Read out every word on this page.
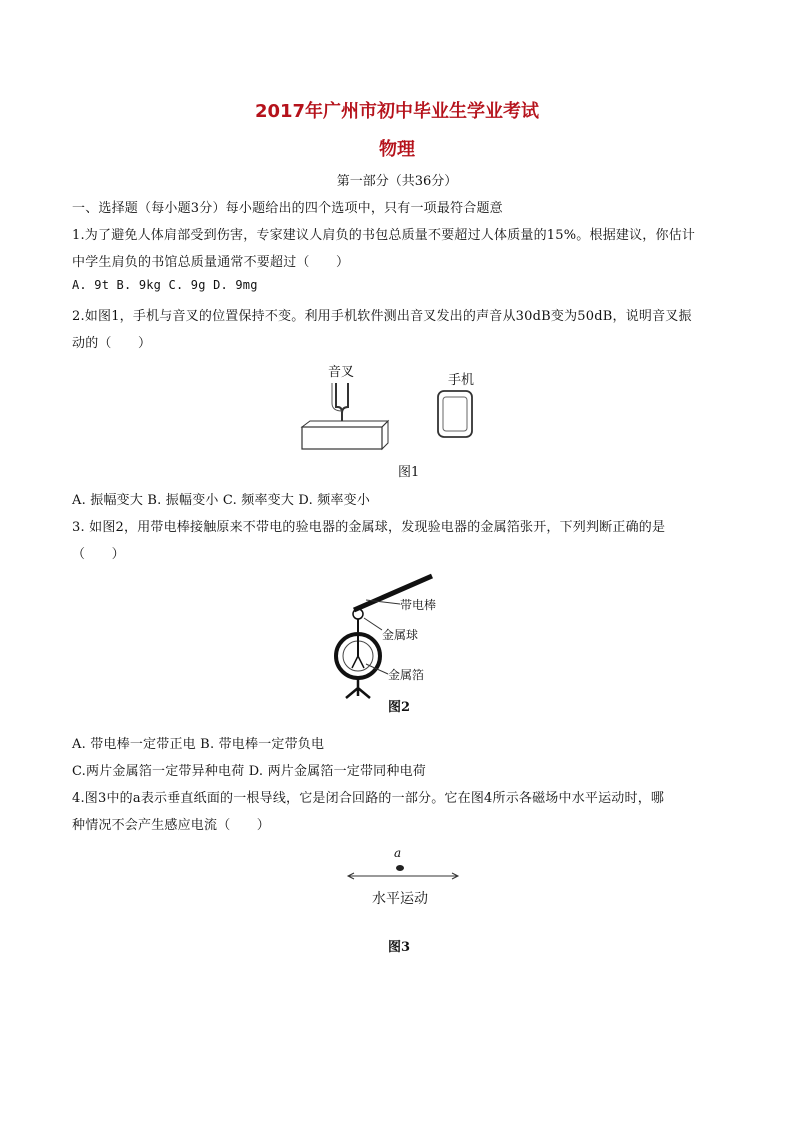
2017年广州市初中毕业生学业考试
物理
第一部分（共36分）
一、选择题（每小题3分）每小题给出的四个选项中，只有一项最符合题意
1.为了避免人体肩部受到伤害，专家建议人肩负的书包总质量不要超过人体质量的15%。根据建议，你估计
中学生肩负的书馆总质量通常不要超过（　　）
A. 9t B. 9kg C. 9g D. 9mg
2.如图1，手机与音叉的位置保持不变。利用手机软件测出音叉发出的声音从30dB变为50dB，说明音叉振
动的（　　）
音叉
手机
图1
A. 振幅变大 B. 振幅变小 C. 频率变大 D. 频率变小
3. 如图2，用带电棒接触原来不带电的验电器的金属球，发现验电器的金属箔张开，下列判断正确的是
（　　）
带电棒
金属球
金属箔
图2
A. 带电棒一定带正电 B. 带电棒一定带负电
C.两片金属箔一定带异种电荷 D. 两片金属箔一定带同种电荷
4.图3中的a表示垂直纸面的一根导线，它是闭合回路的一部分。它在图4所示各磁场中水平运动时，哪
种情况不会产生感应电流（　　）
a
水平运动
图3
